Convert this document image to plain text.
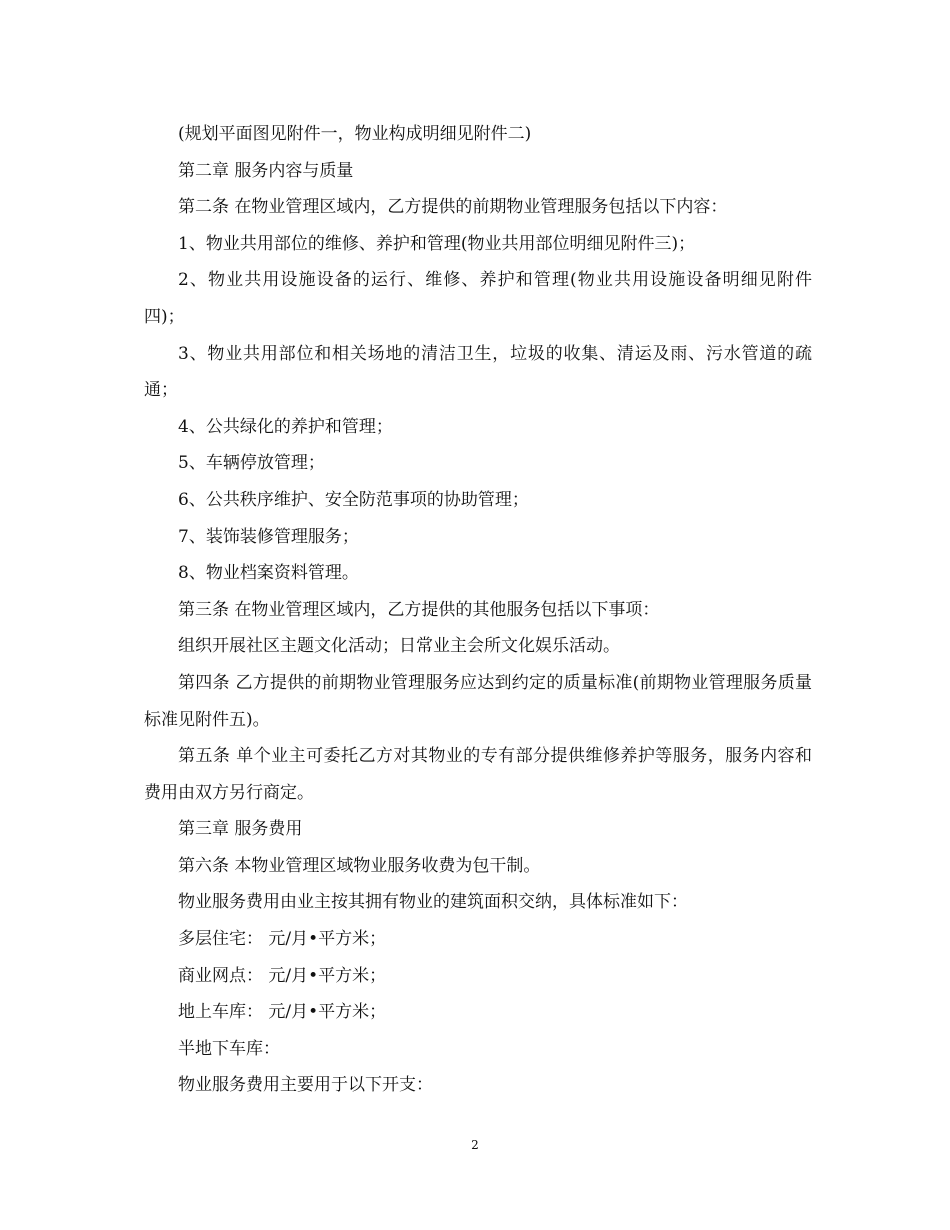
(规划平面图见附件一，物业构成明细见附件二)

第二章 服务内容与质量

第二条 在物业管理区域内，乙方提供的前期物业管理服务包括以下内容：

1、物业共用部位的维修、养护和管理(物业共用部位明细见附件三)；

2、物业共用设施设备的运行、维修、养护和管理(物业共用设施设备明细见附件四)；

3、物业共用部位和相关场地的清洁卫生，垃圾的收集、清运及雨、污水管道的疏通；

4、公共绿化的养护和管理；

5、车辆停放管理；

6、公共秩序维护、安全防范事项的协助管理；

7、装饰装修管理服务；

8、物业档案资料管理。

第三条 在物业管理区域内，乙方提供的其他服务包括以下事项：

组织开展社区主题文化活动；日常业主会所文化娱乐活动。

第四条 乙方提供的前期物业管理服务应达到约定的质量标准(前期物业管理服务质量标准见附件五)。

第五条 单个业主可委托乙方对其物业的专有部分提供维修养护等服务，服务内容和费用由双方另行商定。

第三章 服务费用

第六条 本物业管理区域物业服务收费为包干制。

物业服务费用由业主按其拥有物业的建筑面积交纳，具体标准如下：

多层住宅： 元/月•平方米；

商业网点： 元/月•平方米；

地上车库： 元/月•平方米；

半地下车库：

物业服务费用主要用于以下开支：

2
